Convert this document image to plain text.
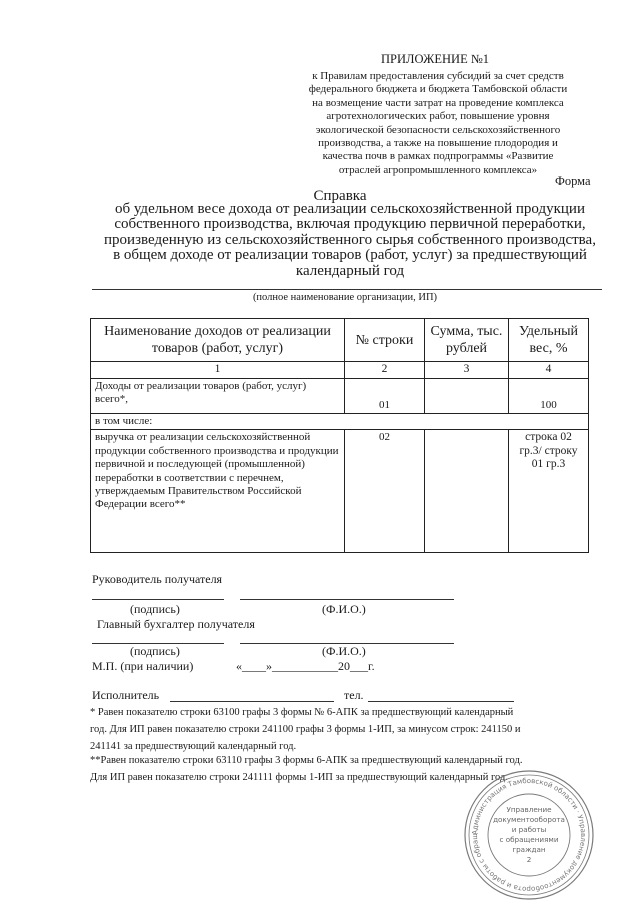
ПРИЛОЖЕНИЕ №1
к Правилам предоставления субсидий за счет средств
федерального бюджета и бюджета Тамбовской области
на возмещение части затрат на проведение комплекса
агротехнологических работ, повышение уровня
экологической безопасности сельскохозяйственного
производства, а также на повышение плодородия и
качества почв в рамках подпрограммы «Развитие
отраслей агропромышленного комплекса»
Форма
Справка
об удельном весе дохода от реализации сельскохозяйственной продукции
собственного производства, включая продукцию первичной переработки,
произведенную из сельскохозяйственного сырья собственного производства,
в общем доходе от реализации товаров (работ, услуг) за предшествующий
календарный год
(полное наименование организации, ИП)
Наименование доходов от реализации товаров (работ, услуг)	№ строки	Сумма, тыс. рублей	Удельный вес, %
1	2	3	4
Доходы от реализации товаров (работ, услуг) всего*,	01		100
в том числе:			
выручка от реализации сельскохозяйственной продукции собственного производства и продукции первичной и последующей (промышленной) переработки в соответствии с перечнем, утверждаемым Правительством Российской Федерации всего**	02		строка 02 гр.3/ строку 01 гр.3
Руководитель получателя
(подпись)	(Ф.И.О.)
Главный бухгалтер получателя
(подпись)	(Ф.И.О.)
М.П. (при наличии)	«____»___________20___г.
Исполнитель	тел.
* Равен показателю строки 63100 графы 3 формы № 6-АПК за предшествующий календарный
год. Для ИП равен показателю строки 241100 графы 3 формы 1-ИП, за минусом строк: 241150 и
241141 за предшествующий календарный год.
**Равен показателю строки 63110 графы 3 формы 6-АПК за предшествующий календарный год.
Для ИП равен показателю строки 241111 формы 1-ИП за предшествующий календарный год.
Администрация Тамбовской области · Управление документооборота и работы с обращ
Управление
документооборота
и работы
с обращениями
граждан
2
